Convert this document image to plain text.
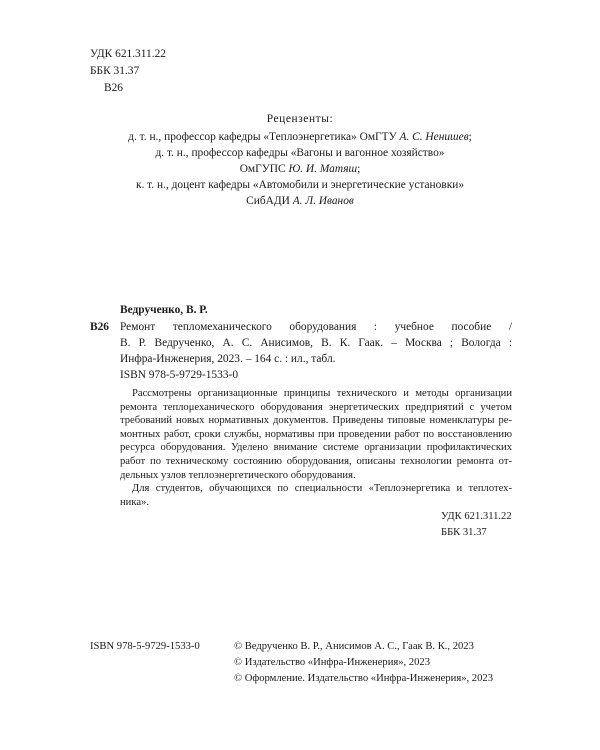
УДК 621.311.22
ББК 31.37
В26
Рецензенты:
д. т. н., профессор кафедры «Теплоэнергетика» ОмГТУ А. С. Ненишев;
д. т. н., профессор кафедры «Вагоны и вагонное хозяйство»
ОмГУПС Ю. И. Матяш;
к. т. н., доцент кафедры «Автомобили и энергетические установки»
СибАДИ А. Л. Иванов
Ведрученко, В. Р.
В26 Ремонт тепломеханического оборудования : учебное пособие /
В. Р. Ведрученко, А. С. Анисимов, В. К. Гаак. – Москва ; Вологда :
Инфра-Инженерия, 2023. – 164 с. : ил., табл.
ISBN 978-5-9729-1533-0
Рассмотрены организационные принципы технического и методы организации
ремонта теплομеханического оборудования энергетических предприятий с учетом
требований новых нормативных документов. Приведены типовые номенклатуры ре-
монтных работ, сроки службы, нормативы при проведении работ по восстановлению
ресурса оборудования. Уделено внимание системе организации профилактических
работ по техническому состоянию оборудования, описаны технологии ремонта от-
дельных узлов теплоэнергетического оборудования.
Для студентов, обучающихся по специальности «Теплоэнергетика и теплотех-
ника».
УДК 621.311.22
ББК 31.37
ISBN 978-5-9729-1533-0	© Ведрученко В. Р., Анисимов А. С., Гаак В. К., 2023
© Издательство «Инфра-Инженерия», 2023
© Оформление. Издательство «Инфра-Инженерия», 2023
